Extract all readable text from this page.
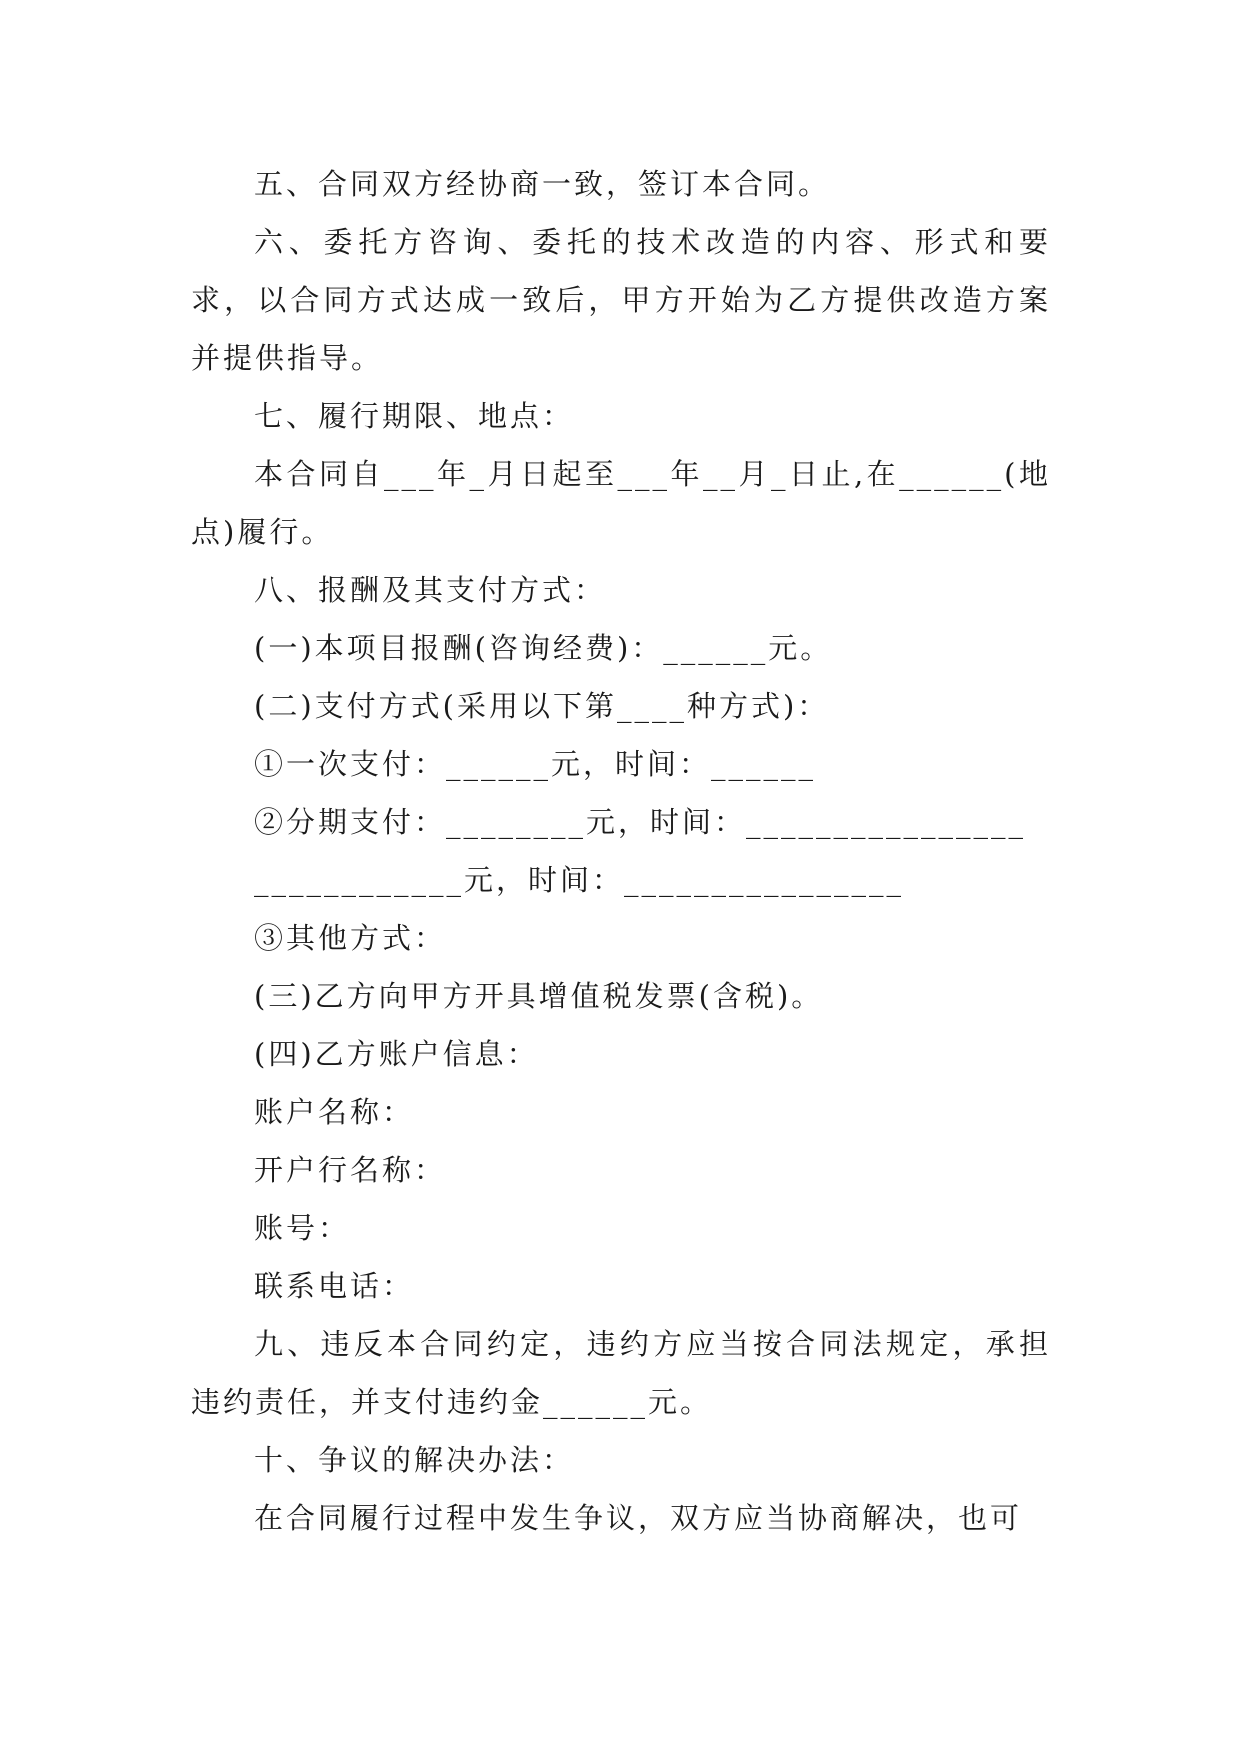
五、合同双方经协商一致，签订本合同。

六、委托方咨询、委托的技术改造的内容、形式和要求，以合同方式达成一致后，甲方开始为乙方提供改造方案并提供指导。

七、履行期限、地点：

本合同自___年_月日起至___年__月_日止,在______(地点)履行。

八、报酬及其支付方式：

(一)本项目报酬(咨询经费)：______元。

(二)支付方式(采用以下第____种方式)：

①一次支付：______元，时间：______

②分期支付：________元，时间：________________

____________元，时间：________________

③其他方式：

(三)乙方向甲方开具增值税发票(含税)。

(四)乙方账户信息：

账户名称：

开户行名称：

账号：

联系电话：

九、违反本合同约定，违约方应当按合同法规定，承担违约责任，并支付违约金______元。

十、争议的解决办法：

在合同履行过程中发生争议，双方应当协商解决，也可
